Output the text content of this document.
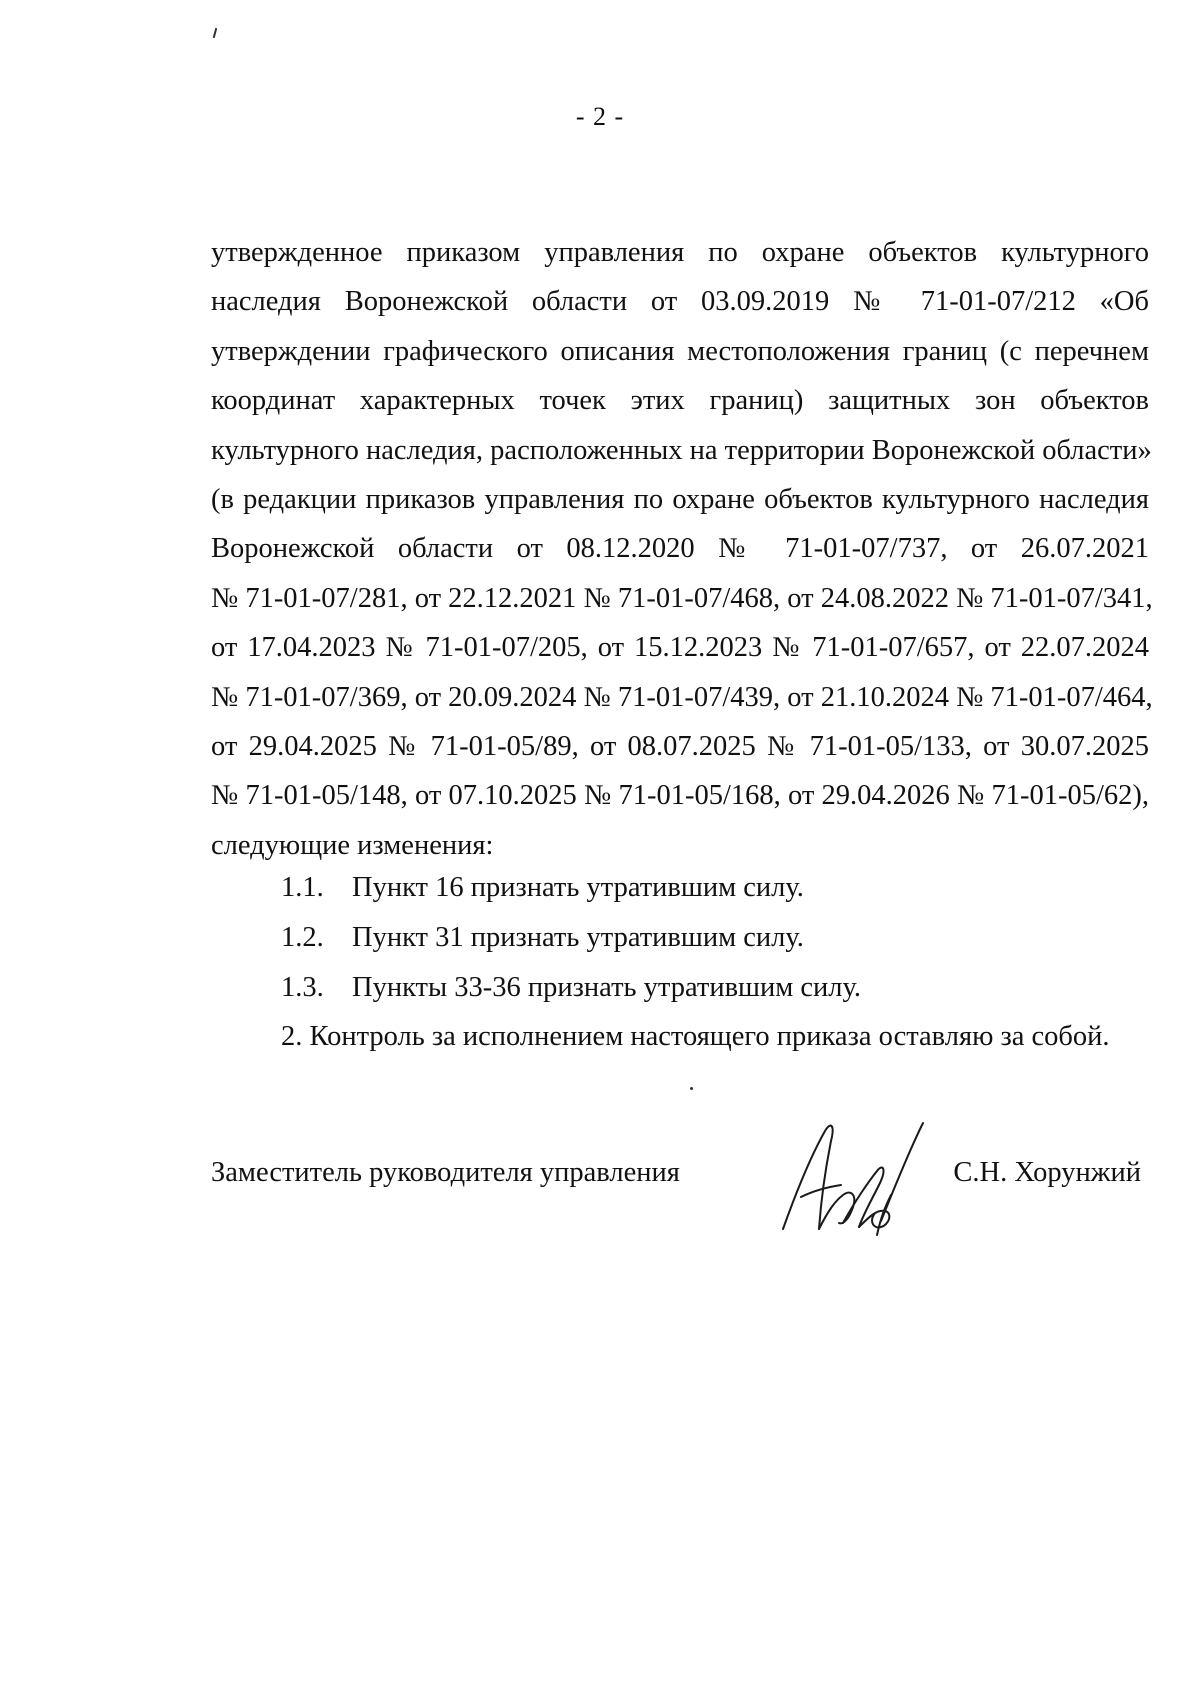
- 2 -
утвержденное приказом управления по охране объектов культурного
наследия Воронежской области от 03.09.2019 № 71-01-07/212 «Об
утверждении графического описания местоположения границ (с перечнем
координат характерных точек этих границ) защитных зон объектов
культурного наследия, расположенных на территории Воронежской области»
(в редакции приказов управления по охране объектов культурного наследия
Воронежской области от 08.12.2020 № 71-01-07/737, от 26.07.2021
№ 71-01-07/281, от 22.12.2021 № 71-01-07/468, от 24.08.2022 № 71-01-07/341,
от 17.04.2023 № 71-01-07/205, от 15.12.2023 № 71-01-07/657, от 22.07.2024
№ 71-01-07/369, от 20.09.2024 № 71-01-07/439, от 21.10.2024 № 71-01-07/464,
от 29.04.2025 № 71-01-05/89, от 08.07.2025 № 71-01-05/133, от 30.07.2025
№ 71-01-05/148, от 07.10.2025 № 71-01-05/168, от 29.04.2026 № 71-01-05/62),
следующие изменения:
1.1. Пункт 16 признать утратившим силу.
1.2. Пункт 31 признать утратившим силу.
1.3. Пункты 33-36 признать утратившим силу.
2. Контроль за исполнением настоящего приказа оставляю за собой.
Заместитель руководителя управления	С.Н. Хорунжий
